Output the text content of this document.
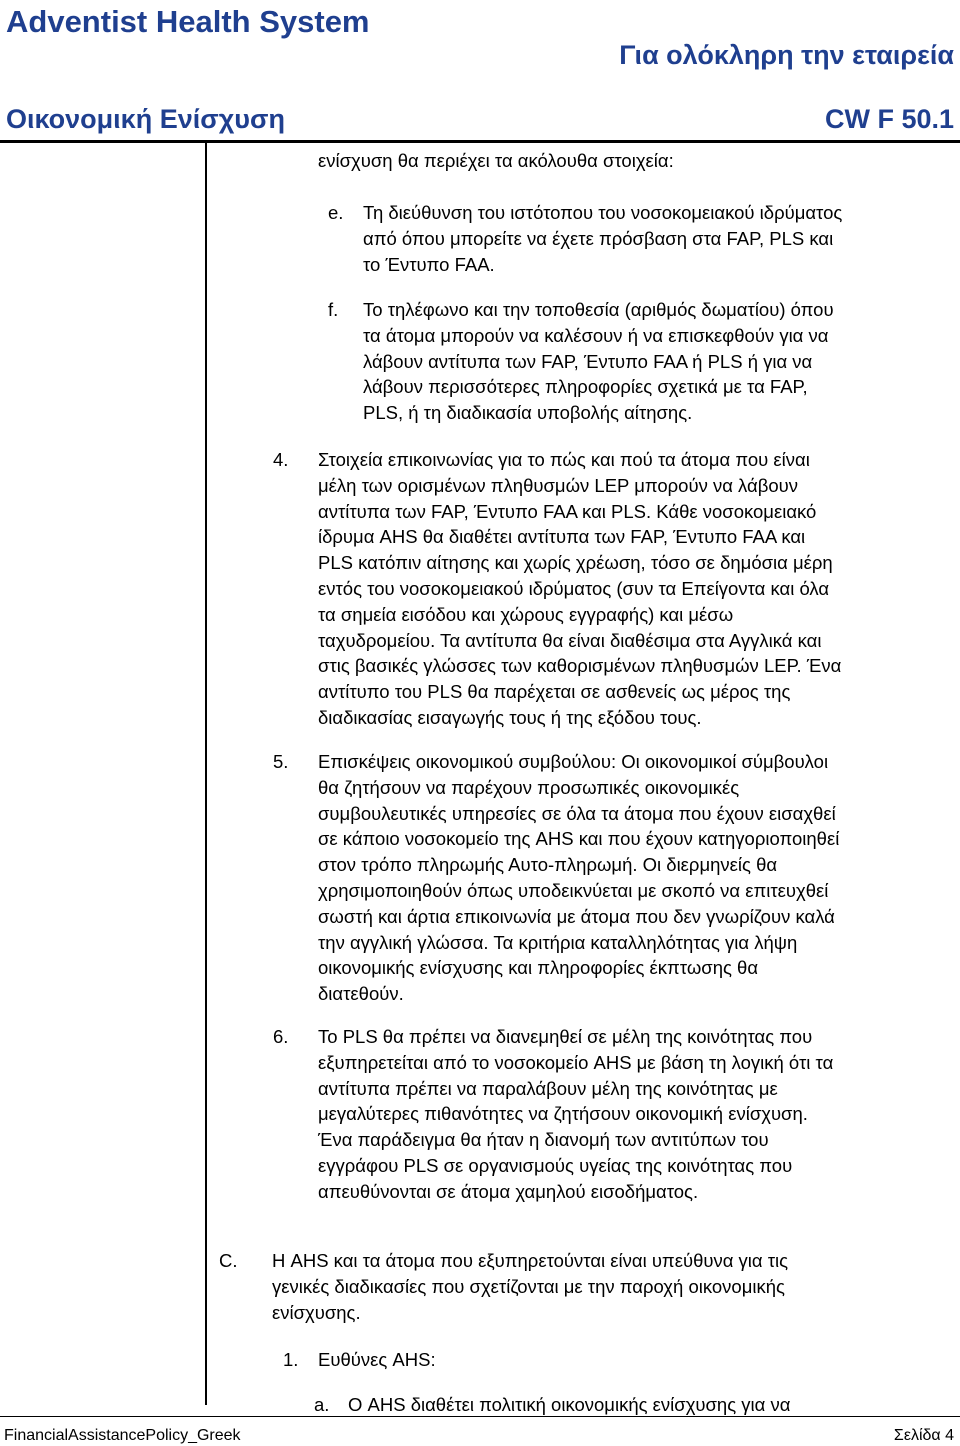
Adventist Health System
Για ολόκληρη την εταιρεία
Οικονομική Ενίσχυση	CW F 50.1
ενίσχυση θα περιέχει τα ακόλουθα στοιχεία:
e. Τη διεύθυνση του ιστότοπου του νοσοκομειακού ιδρύματος
από όπου μπορείτε να έχετε πρόσβαση στα FAP, PLS και
το Έντυπο FAA.
f. Το τηλέφωνο και την τοποθεσία (αριθμός δωματίου) όπου
τα άτομα μπορούν να καλέσουν ή να επισκεφθούν για να
λάβουν αντίτυπα των FAP, Έντυπο FAA ή PLS ή για να
λάβουν περισσότερες πληροφορίες σχετικά με τα FAP,
PLS, ή τη διαδικασία υποβολής αίτησης.
4. Στοιχεία επικοινωνίας για το πώς και πού τα άτομα που είναι
μέλη των ορισμένων πληθυσμών LEP μπορούν να λάβουν
αντίτυπα των FAP, Έντυπο FAA και PLS. Κάθε νοσοκομειακό
ίδρυμα AHS θα διαθέτει αντίτυπα των FAP, Έντυπο FAA και
PLS κατόπιν αίτησης και χωρίς χρέωση, τόσο σε δημόσια μέρη
εντός του νοσοκομειακού ιδρύματος (συν τα Επείγοντα και όλα
τα σημεία εισόδου και χώρους εγγραφής) και μέσω
ταχυδρομείου. Τα αντίτυπα θα είναι διαθέσιμα στα Αγγλικά και
στις βασικές γλώσσες των καθορισμένων πληθυσμών LEP. Ένα
αντίτυπο του PLS θα παρέχεται σε ασθενείς ως μέρος της
διαδικασίας εισαγωγής τους ή της εξόδου τους.
5. Επισκέψεις οικονομικού συμβούλου: Οι οικονομικοί σύμβουλοι
θα ζητήσουν να παρέχουν προσωπικές οικονομικές
συμβουλευτικές υπηρεσίες σε όλα τα άτομα που έχουν εισαχθεί
σε κάποιο νοσοκομείο της AHS και που έχουν κατηγοριοποιηθεί
στον τρόπο πληρωμής Αυτο-πληρωμή. Οι διερμηνείς θα
χρησιμοποιηθούν όπως υποδεικνύεται με σκοπό να επιτευχθεί
σωστή και άρτια επικοινωνία με άτομα που δεν γνωρίζουν καλά
την αγγλική γλώσσα. Τα κριτήρια καταλληλότητας για λήψη
οικονομικής ενίσχυσης και πληροφορίες έκπτωσης θα
διατεθούν.
6. Το PLS θα πρέπει να διανεμηθεί σε μέλη της κοινότητας που
εξυπηρετείται από το νοσοκομείο AHS με βάση τη λογική ότι τα
αντίτυπα πρέπει να παραλάβουν μέλη της κοινότητας με
μεγαλύτερες πιθανότητες να ζητήσουν οικονομική ενίσχυση.
Ένα παράδειγμα θα ήταν η διανομή των αντιτύπων του
εγγράφου PLS σε οργανισμούς υγείας της κοινότητας που
απευθύνονται σε άτομα χαμηλού εισοδήματος.
C. Η AHS και τα άτομα που εξυπηρετούνται είναι υπεύθυνα για τις
γενικές διαδικασίες που σχετίζονται με την παροχή οικονομικής
ενίσχυσης.
1. Ευθύνες AHS:
a. Ο AHS διαθέτει πολιτική οικονομικής ενίσχυσης για να
FinancialAssistancePolicy_Greek	Σελίδα 4
